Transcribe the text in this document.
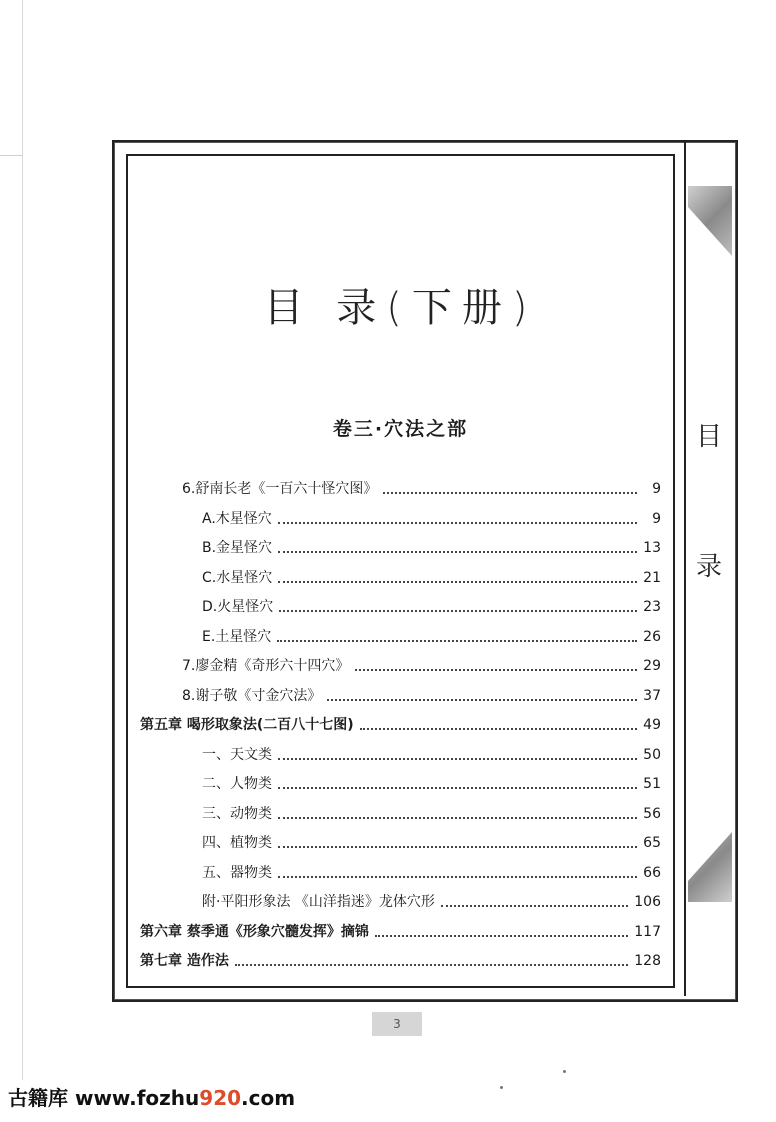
目 录(下册)
卷三·穴法之部
6.舒南长老《一百六十怪穴图》	9
A.木星怪穴	9
B.金星怪穴	13
C.水星怪穴	21
D.火星怪穴	23
E.土星怪穴	26
7.廖金精《奇形六十四穴》	29
8.谢子敬《寸金穴法》	37
第五章 喝形取象法(二百八十七图)	49
一、天文类	50
二、人物类	51
三、动物类	56
四、植物类	65
五、器物类	66
附·平阳形象法 《山洋指迷》龙体穴形	106
第六章 蔡季通《形象穴髓发挥》摘锦	117
第七章 造作法	128
目
录
3
古籍库 www.fozhu920.com
